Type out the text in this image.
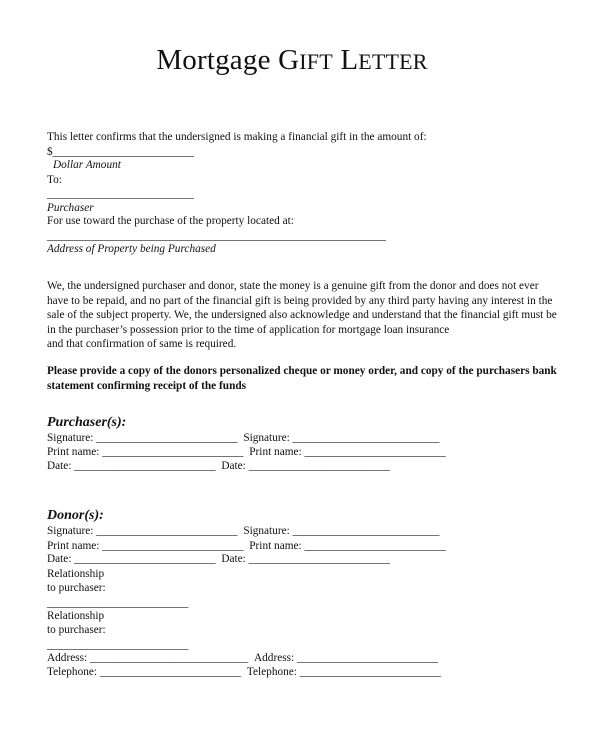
Mortgage GIFT LETTER
This letter confirms that the undersigned is making a financial gift in the amount of:
$_________________________
Dollar Amount
To:
__________________________
Purchaser
For use toward the purchase of the property located at:
____________________________________________________________
Address of Property being Purchased
We, the undersigned purchaser and donor, state the money is a genuine gift from the donor and does not ever
have to be repaid, and no part of the financial gift is being provided by any third party having any interest in the
sale of the subject property. We, the undersigned also acknowledge and understand that the financial gift must be
in the purchaser’s possession prior to the time of application for mortgage loan insurance
and that confirmation of same is required.
Please provide a copy of the donors personalized cheque or money order, and copy of the purchasers bank
statement confirming receipt of the funds
Purchaser(s):
Signature: _________________________ Signature: __________________________
Print name: _________________________ Print name: _________________________
Date: _________________________ Date: _________________________
Donor(s):
Signature: _________________________ Signature: __________________________
Print name: _________________________ Print name: _________________________
Date: _________________________ Date: _________________________
Relationship
to purchaser:
_________________________
Relationship
to purchaser:
_________________________
Address: ____________________________ Address: _________________________
Telephone: _________________________ Telephone: _________________________
